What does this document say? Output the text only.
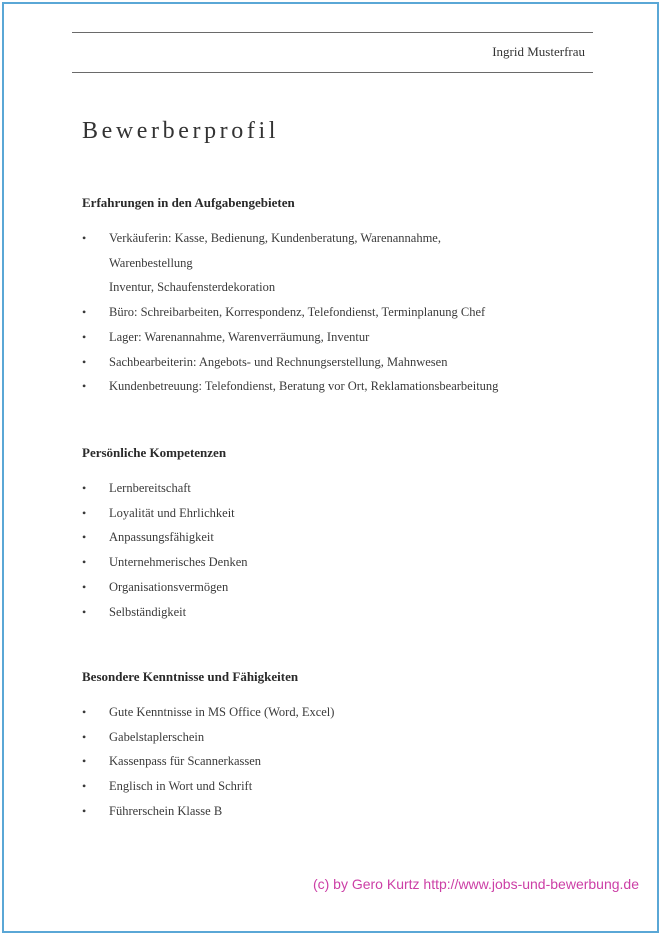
Ingrid Musterfrau
Bewerberprofil
Erfahrungen in den Aufgabengebieten
• Verkäuferin: Kasse, Bedienung, Kundenberatung, Warenannahme,
Warenbestellung
Inventur, Schaufensterdekoration
• Büro: Schreibarbeiten, Korrespondenz, Telefondienst, Terminplanung Chef
• Lager: Warenannahme, Warenverräumung, Inventur
• Sachbearbeiterin: Angebots- und Rechnungserstellung, Mahnwesen
• Kundenbetreuung: Telefondienst, Beratung vor Ort, Reklamationsbearbeitung
Persönliche Kompetenzen
• Lernbereitschaft
• Loyalität und Ehrlichkeit
• Anpassungsfähigkeit
• Unternehmerisches Denken
• Organisationsvermögen
• Selbständigkeit
Besondere Kenntnisse und Fähigkeiten
• Gute Kenntnisse in MS Office (Word, Excel)
• Gabelstaplerschein
• Kassenpass für Scannerkassen
• Englisch in Wort und Schrift
• Führerschein Klasse B
(c) by Gero Kurtz http://www.jobs-und-bewerbung.de
